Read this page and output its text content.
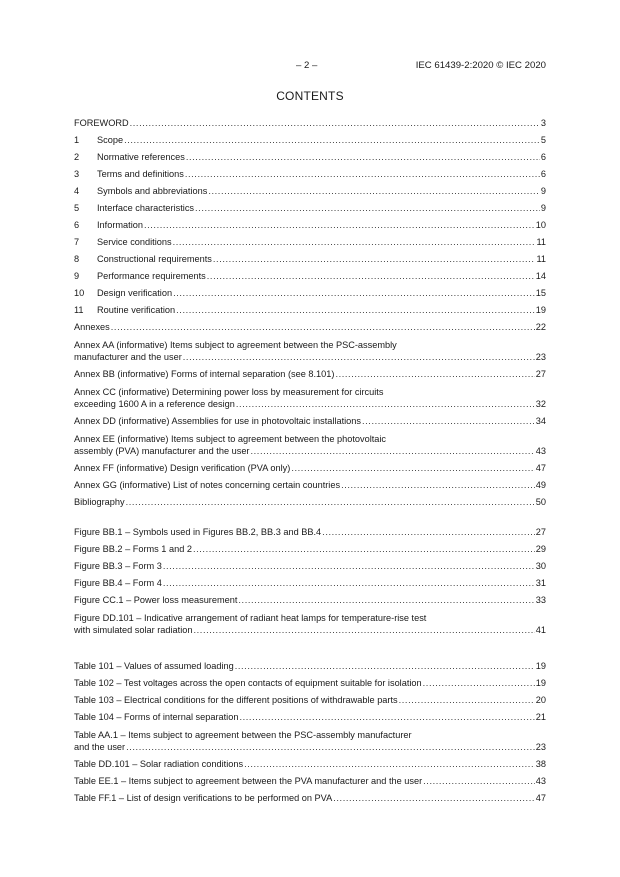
– 2 –	IEC 61439-2:2020 © IEC 2020
CONTENTS
FOREWORD .....	3
1	Scope .....	5
2	Normative references .....	6
3	Terms and definitions .....	6
4	Symbols and abbreviations .....	9
5	Interface characteristics .....	9
6	Information .....	10
7	Service conditions .....	11
8	Constructional requirements .....	11
9	Performance requirements .....	14
10	Design verification .....	15
11	Routine verification .....	19
Annexes .....	22
Annex AA (informative) Items subject to agreement between the PSC-assembly
manufacturer and the user .....	23
Annex BB (informative) Forms of internal separation (see 8.101) .....	27
Annex CC (informative) Determining power loss by measurement for circuits
exceeding 1600 A in a reference design .....	32
Annex DD (informative) Assemblies for use in photovoltaic installations .....	34
Annex EE (informative) Items subject to agreement between the photovoltaic
assembly (PVA) manufacturer and the user .....	43
Annex FF (informative) Design verification (PVA only) .....	47
Annex GG (informative) List of notes concerning certain countries .....	49
Bibliography .....	50
Figure BB.1 – Symbols used in Figures BB.2, BB.3 and BB.4 .....	27
Figure BB.2 – Forms 1 and 2 .....	29
Figure BB.3 – Form 3 .....	30
Figure BB.4 – Form 4 .....	31
Figure CC.1 – Power loss measurement .....	33
Figure DD.101 – Indicative arrangement of radiant heat lamps for temperature-rise test
with simulated solar radiation .....	41
Table 101 – Values of assumed loading .....	19
Table 102 – Test voltages across the open contacts of equipment suitable for isolation .....	19
Table 103 – Electrical conditions for the different positions of withdrawable parts .....	20
Table 104 – Forms of internal separation .....	21
Table AA.1 – Items subject to agreement between the PSC-assembly manufacturer
and the user .....	23
Table DD.101 – Solar radiation conditions .....	38
Table EE.1 – Items subject to agreement between the PVA manufacturer and the user .....	43
Table FF.1 – List of design verifications to be performed on PVA .....	47
